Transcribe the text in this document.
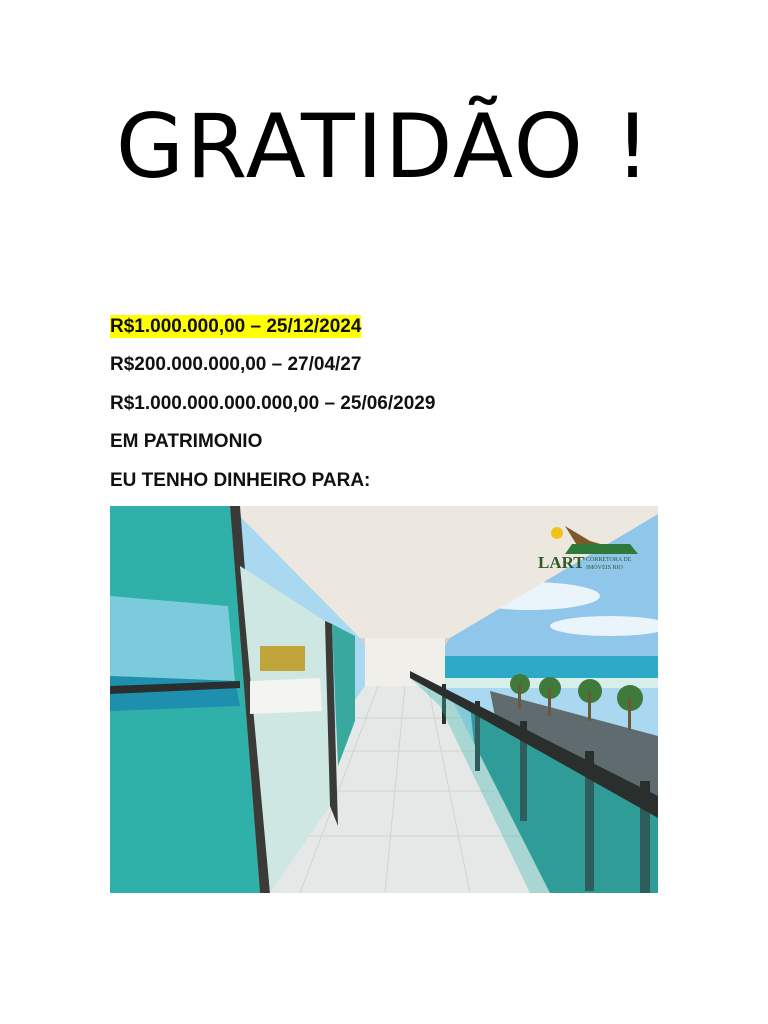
GRATIDÃO !
R$1.000.000,00 – 25/12/2024
R$200.000.000,00 – 27/04/27
R$1.000.000.000.000,00 – 25/06/2029
EM PATRIMONIO
EU TENHO DINHEIRO PARA:
LART CORRETORA DE
IMÓVEIS RIO
